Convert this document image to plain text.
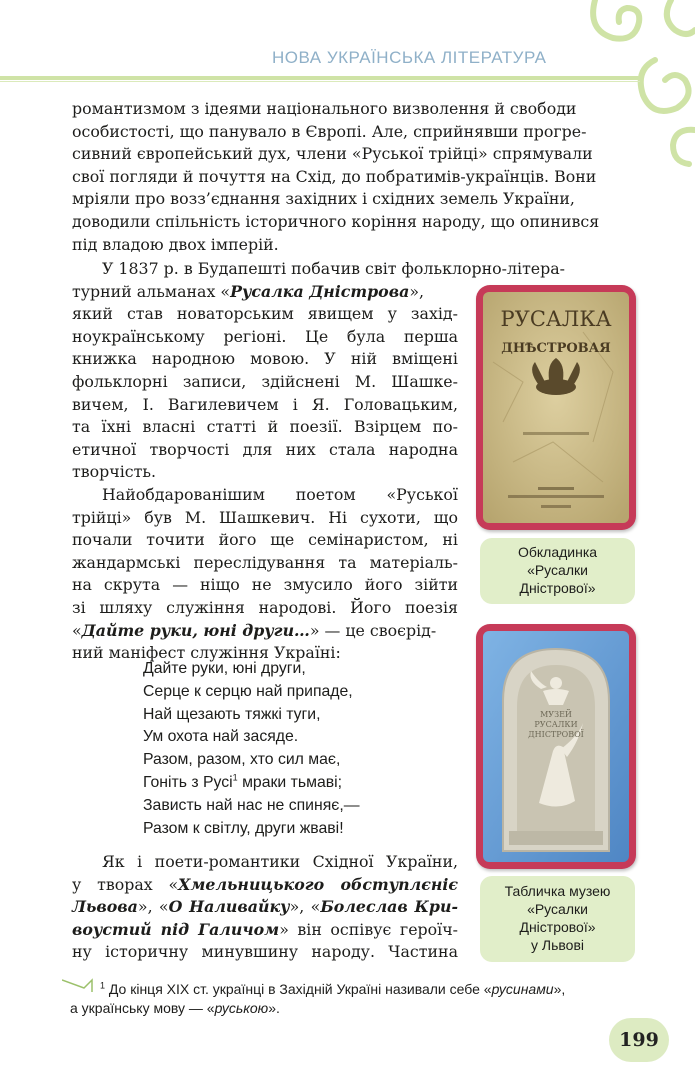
НОВА УКРАЇНСЬКА ЛІТЕРАТУРА
романтизмом з ідеями національного визволення й свободи
особистості, що панувало в Європі. Але, сприйнявши прогре-
сивний європейський дух, члени «Руської трійці» спрямували
свої погляди й почуття на Схід, до побратимів-українців. Вони
мріяли про возз’єднання західних і східних земель України,
доводили спільність історичного коріння народу, що опинився
під владою двох імперій.
У 1837 р. в Будапешті побачив світ фольклорно-літера-
турний альманах «Русалка Дністрова»,
який став новаторським явищем у захід-
ноукраїнському регіоні. Це була перша
книжка народною мовою. У ній вміщені
фольклорні записи, здійснені М. Шашке-
вичем, І. Вагилевичем і Я. Головацьким,
та їхні власні статті й поезії. Взірцем по-
етичної творчості для них стала народна
творчість.
Найобдарованішим поетом «Руської
трійці» був М. Шашкевич. Ні сухоти, що
почали точити його ще семінаристом, ні
жандармські переслідування та матеріаль-
на скрута — ніщо не змусило його зійти
зі шляху служіння народові. Його поезія
«Дайте руки, юні други…» — це своєрід-
ний маніфест служіння Україні:
Дайте руки, юні други,
Серце к серцю най припаде,
Най щезають тяжкі туги,
Ум охота най засяде.
Разом, разом, хто сил має,
Гоніть з Русі$^1$ мраки тьмаві;
Зависть най нас не спиняє,—
Разом к світлу, други жваві!
Як і поети-романтики Східної України,
у творах «Хмельницького обступлєніє
Львова», «О Наливайку», «Болеслав Кри-
воустий під Галичом» він оспівує героїч-
ну історичну минувшину народу. Частина
РУСАЛКА
ДНѢСТРОВАЯ
Обкладинка
«Русалки
Дністрової»
МУЗЕЙ
РУСАЛКИ
ДНІСТРОВОЇ
Табличка музею
«Русалки
Дністрової»
у Львові
$^1$ До кінця XIX ст. українці в Західній Україні називали себе «русинами»,
а українську мову — «руською».
199
